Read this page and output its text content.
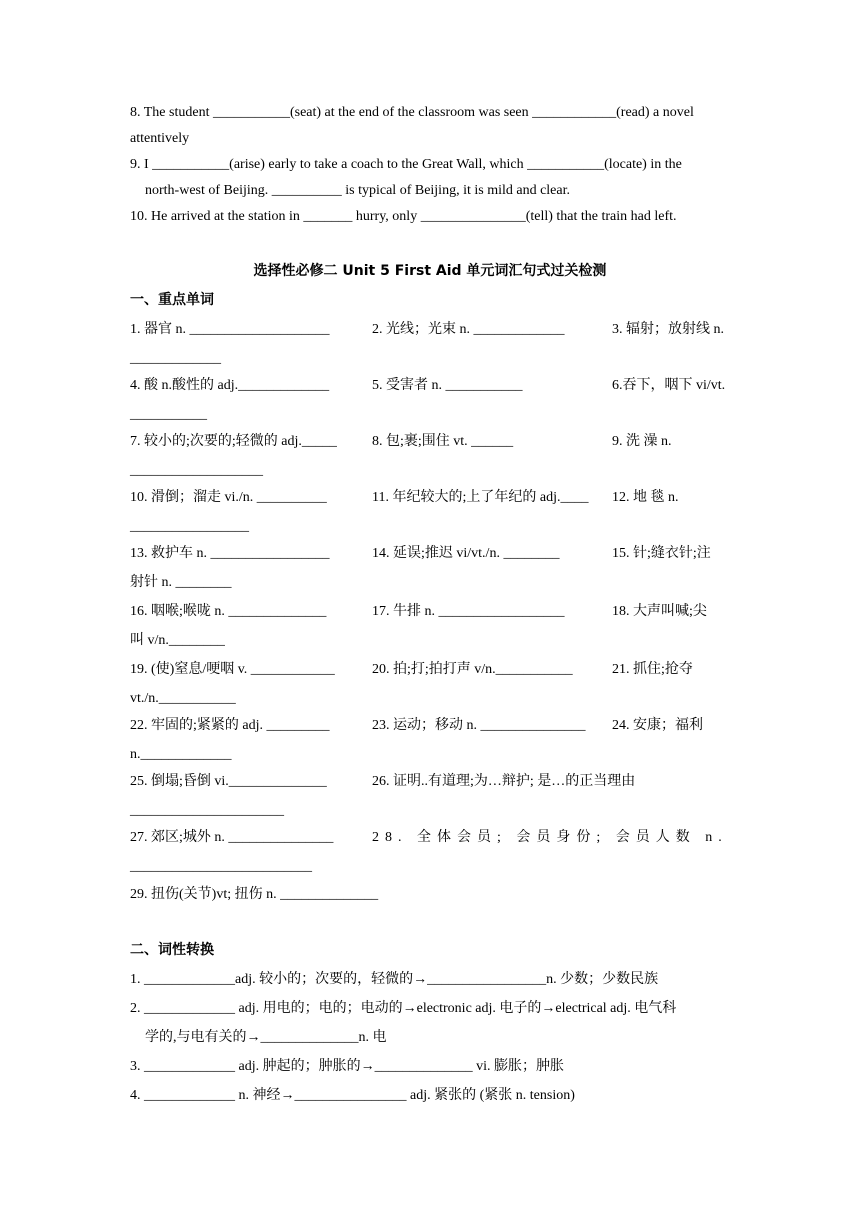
8. The student ___________(seat) at the end of the classroom was seen ____________(read) a novel
attentively
9. I ___________(arise) early to take a coach to the Great Wall, which ___________(locate) in the
north-west of Beijing. __________ is typical of Beijing, it is mild and clear.
10. He arrived at the station in _______ hurry, only _______________(tell) that the train had left.
选择性必修二 Unit 5 First Aid 单元词汇句式过关检测
一、重点单词
1. 器官 n. ____________________	2. 光线；光束 n. _____________	3. 辐射；放射线 n.
_____________
4. 酸 n.酸性的 adj._____________	5. 受害者 n. ___________	6.吞下，咽下 vi/vt.
___________
7. 较小的;次要的;轻微的 adj._____	8. 包;裹;围住 vt. ______	9. 洗 澡 n.
___________________
10. 滑倒；溜走 vi./n. __________	11. 年纪较大的;上了年纪的 adj.____	12. 地 毯 n.
_________________
13. 救护车 n. _________________	14. 延误;推迟 vi/vt./n. ________	15. 针;缝衣针;注
射针 n. ________
16. 咽喉;喉咙 n. ______________	17. 牛排 n. __________________	18. 大声叫喊;尖
叫 v/n.________
19. (使)窒息/哽咽 v. ____________	20. 拍;打;拍打声 v/n.___________	21. 抓住;抢夺
vt./n.___________
22. 牢固的;紧紧的 adj. _________	23. 运动；移动 n. _______________	24. 安康；福利
n._____________
25. 倒塌;昏倒 vi.______________	26. 证明..有道理;为…辩护; 是…的正当理由
______________________
27. 郊区;城外 n. _______________	28. 全体会员; 会员身份; 会员人数 n.
__________________________
29. 扭伤(关节)vt; 扭伤 n. ______________
二、词性转换
1. _____________adj. 较小的；次要的，轻微的→_________________n. 少数；少数民族
2. _____________ adj. 用电的；电的；电动的→electronic adj. 电子的→electrical adj. 电气科
学的,与电有关的→______________n. 电
3. _____________ adj. 肿起的；肿胀的→______________ vi. 膨胀；肿胀
4. _____________ n. 神经→________________ adj. 紧张的 (紧张 n. tension)
